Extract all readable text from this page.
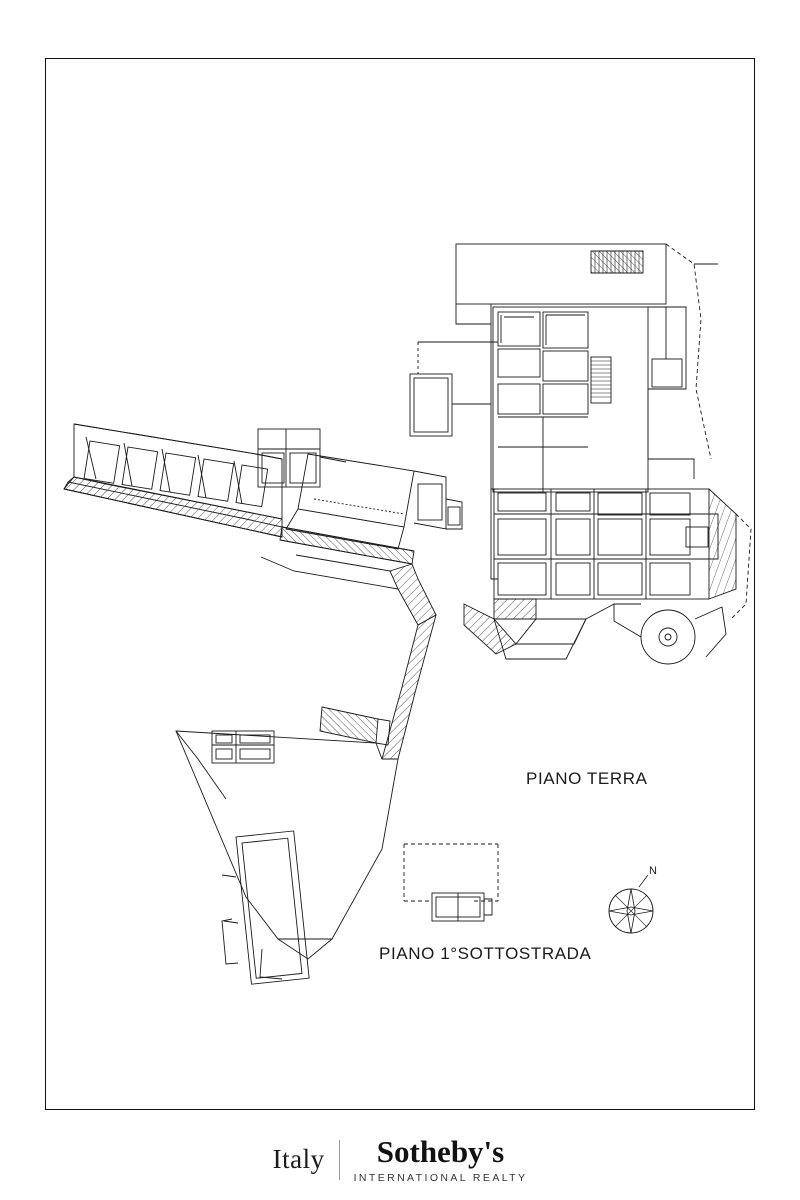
PIANO TERRA
PIANO 1°SOTTOSTRADA
N
Italy Sotheby's
INTERNATIONAL REALTY
